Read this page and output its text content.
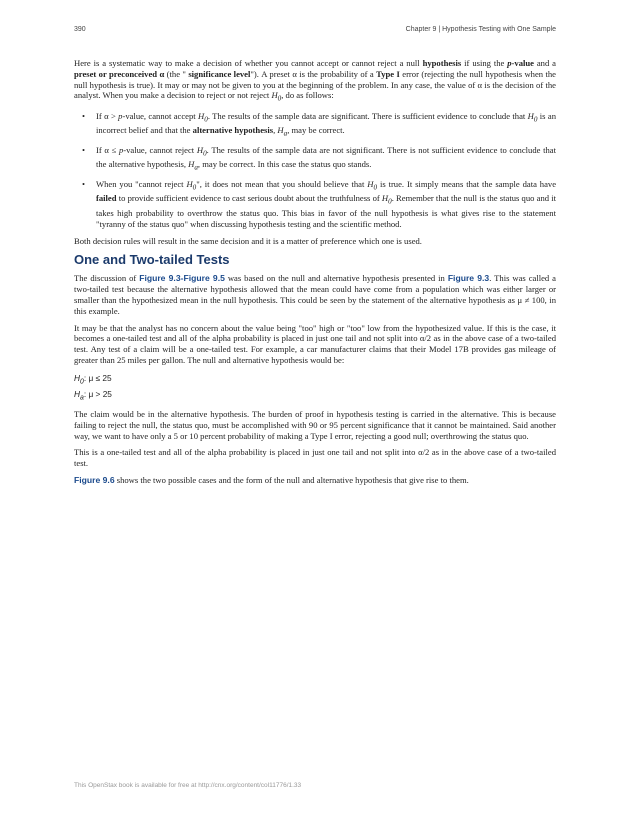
390	Chapter 9 | Hypothesis Testing with One Sample

Here is a systematic way to make a decision of whether you cannot accept or cannot reject a null hypothesis if using the p-value and a preset or preconceived α (the " significance level"). A preset α is the probability of a Type I error (rejecting the null hypothesis when the null hypothesis is true). It may or may not be given to you at the beginning of the problem. In any case, the value of α is the decision of the analyst. When you make a decision to reject or not reject $H_0$, do as follows:

• If α > p-value, cannot accept $H_0$. The results of the sample data are significant. There is sufficient evidence to conclude that $H_0$ is an incorrect belief and that the alternative hypothesis, $H_a$, may be correct.
• If α ≤ p-value, cannot reject $H_0$. The results of the sample data are not significant. There is not sufficient evidence to conclude that the alternative hypothesis, $H_a$, may be correct. In this case the status quo stands.
• When you "cannot reject $H_0$", it does not mean that you should believe that $H_0$ is true. It simply means that the sample data have failed to provide sufficient evidence to cast serious doubt about the truthfulness of $H_0$. Remember that the null is the status quo and it takes high probability to overthrow the status quo. This bias in favor of the null hypothesis is what gives rise to the statement "tyranny of the status quo" when discussing hypothesis testing and the scientific method.

Both decision rules will result in the same decision and it is a matter of preference which one is used.

One and Two-tailed Tests

The discussion of Figure 9.3-Figure 9.5 was based on the null and alternative hypothesis presented in Figure 9.3. This was called a two-tailed test because the alternative hypothesis allowed that the mean could have come from a population which was either larger or smaller than the hypothesized mean in the null hypothesis. This could be seen by the statement of the alternative hypothesis as μ ≠ 100, in this example.

It may be that the analyst has no concern about the value being "too" high or "too" low from the hypothesized value. If this is the case, it becomes a one-tailed test and all of the alpha probability is placed in just one tail and not split into α/2 as in the above case of a two-tailed test. Any test of a claim will be a one-tailed test. For example, a car manufacturer claims that their Model 17B provides gas mileage of greater than 25 miles per gallon. The null and alternative hypothesis would be:

$H_0$: μ ≤ 25
$H_a$: μ > 25

The claim would be in the alternative hypothesis. The burden of proof in hypothesis testing is carried in the alternative. This is because failing to reject the null, the status quo, must be accomplished with 90 or 95 percent significance that it cannot be maintained. Said another way, we want to have only a 5 or 10 percent probability of making a Type I error, rejecting a good null; overthrowing the status quo.

This is a one-tailed test and all of the alpha probability is placed in just one tail and not split into α/2 as in the above case of a two-tailed test.

Figure 9.6 shows the two possible cases and the form of the null and alternative hypothesis that give rise to them.

This OpenStax book is available for free at http://cnx.org/content/col11776/1.33
